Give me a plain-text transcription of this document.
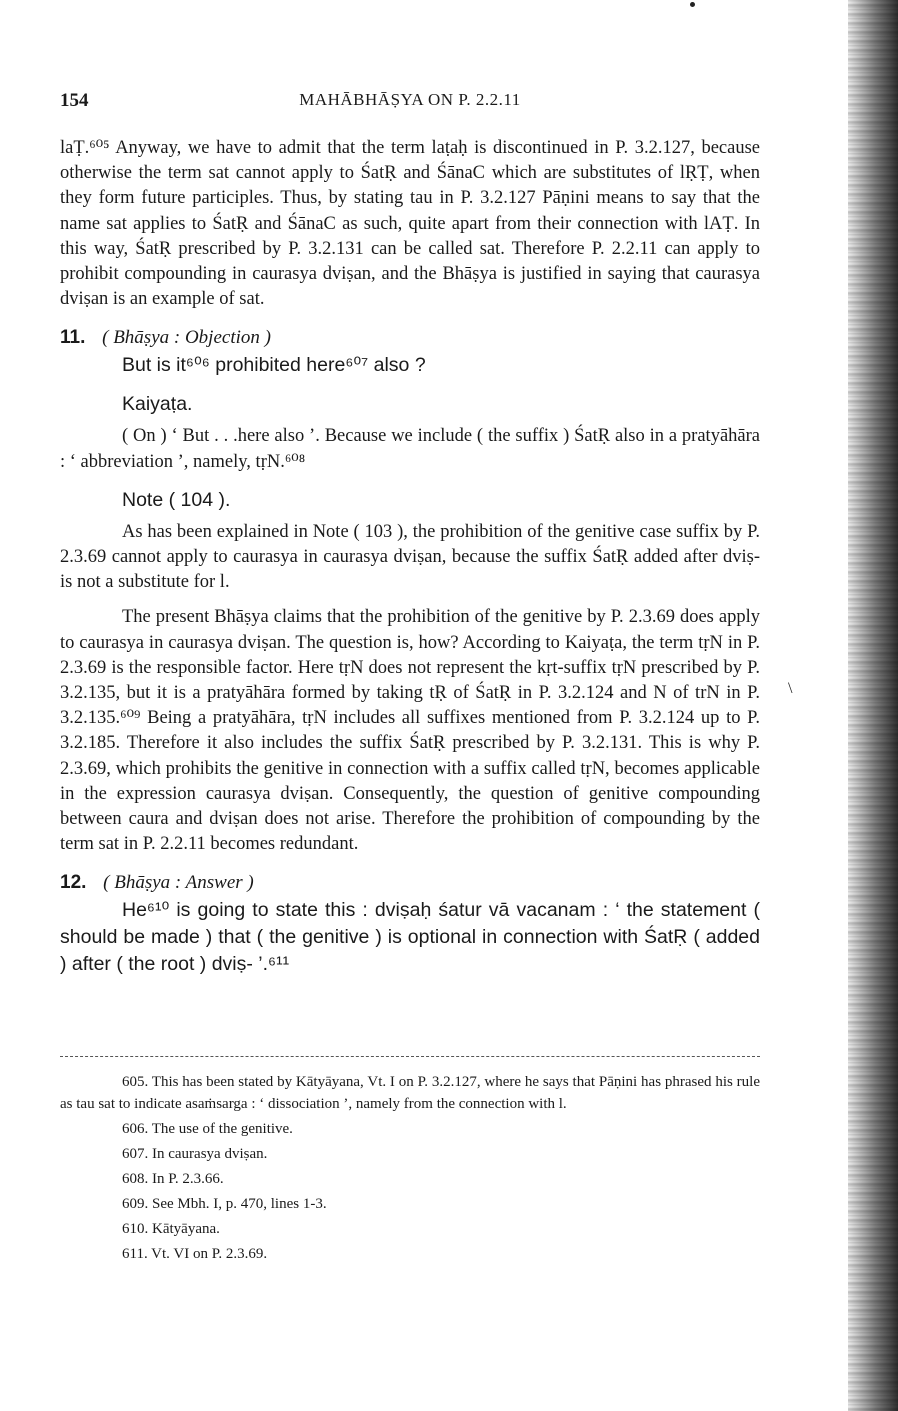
154	MAHĀBHĀṢYA ON P. 2.2.11

laṬ.⁶⁰⁵ Anyway, we have to admit that the term laṭaḥ is discontinued in P. 3.2.127, because otherwise the term sat cannot apply to ŚatṚ and ŚānaC which are substitutes of lṚṬ, when they form future participles. Thus, by stating tau in P. 3.2.127 Pāṇini means to say that the name sat applies to ŚatṚ and ŚānaC as such, quite apart from their connection with lAṬ. In this way, ŚatṚ prescribed by P. 3.2.131 can be called sat. Therefore P. 2.2.11 can apply to prohibit compounding in caurasya dviṣan, and the Bhāṣya is justified in saying that caurasya dviṣan is an example of sat.

11. ( Bhāṣya : Objection )

But is it⁶⁰⁶ prohibited here⁶⁰⁷ also ?

Kaiyaṭa.

( On ) ‘ But . . .here also ’. Because we include ( the suffix ) ŚatṚ also in a pratyāhāra : ‘ abbreviation ’, namely, tṛN.⁶⁰⁸

Note ( 104 ).

As has been explained in Note ( 103 ), the prohibition of the genitive case suffix by P. 2.3.69 cannot apply to caurasya in caurasya dviṣan, because the suffix ŚatṚ added after dviṣ- is not a substitute for l.

The present Bhāṣya claims that the prohibition of the genitive by P. 2.3.69 does apply to caurasya in caurasya dviṣan. The question is, how? According to Kaiyaṭa, the term tṛN in P. 2.3.69 is the responsible factor. Here tṛN does not represent the kṛt-suffix tṛN prescribed by P. 3.2.135, but it is a pratyāhāra formed by taking tṚ of ŚatṚ in P. 3.2.124 and N of trN in P. 3.2.135.⁶⁰⁹ Being a pratyāhāra, tṛN includes all suffixes mentioned from P. 3.2.124 up to P. 3.2.185. Therefore it also includes the suffix ŚatṚ prescribed by P. 3.2.131. This is why P. 2.3.69, which prohibits the genitive in connection with a suffix called tṛN, becomes applicable in the expression caurasya dviṣan. Consequently, the question of genitive compounding between caura and dviṣan does not arise. Therefore the prohibition of compounding by the term sat in P. 2.2.11 becomes redundant.

12. ( Bhāṣya : Answer )

He⁶¹⁰ is going to state this : dviṣaḥ śatur vā vacanam : ‘ the statement ( should be made ) that ( the genitive ) is optional in connection with ŚatṚ ( added ) after ( the root ) dviṣ- ’.⁶¹¹

\

605. This has been stated by Kātyāyana, Vt. I on P. 3.2.127, where he says that Pāṇini has phrased his rule as tau sat to indicate asaṁsarga : ‘ dissociation ’, namely from the connection with l.

606. The use of the genitive.

607. In caurasya dviṣan.

608. In P. 2.3.66.

609. See Mbh. I, p. 470, lines 1-3.

610. Kātyāyana.

611. Vt. VI on P. 2.3.69.
